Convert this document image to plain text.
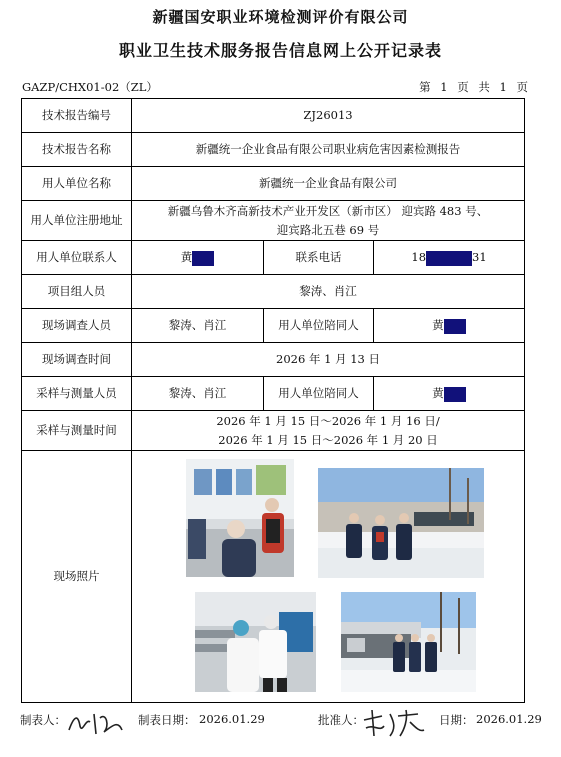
新疆国安职业环境检测评价有限公司
职业卫生技术服务报告信息网上公开记录表
GAZP/CHX01-02（ZL）	第 1 页 共 1 页
技术报告编号	ZJ26013		
技术报告名称	新疆统一企业食品有限公司职业病危害因素检测报告		
用人单位名称	新疆统一企业食品有限公司		
用人单位注册地址	新疆乌鲁木齐高新技术产业开发区（新市区） 迎宾路 483 号、
迎宾路北五巷 69 号		

用人单位联系人	黄	联系电话	18 31
项目组人员	黎涛、肖江		
现场调查人员	黎涛、肖江	用人单位陪同人	黄
现场调查时间	2026 年 1 月 13 日		
采样与测量人员	黎涛、肖江	用人单位陪同人	黄
采样与测量时间	2026 年 1 月 15 日～2026 年 1 月 16 日/
2026 年 1 月 15 日～2026 年 1 月 20 日		

现场照片	
制表人：	制表日期： 2026.01.29	批准人：	日期： 2026.01.29
